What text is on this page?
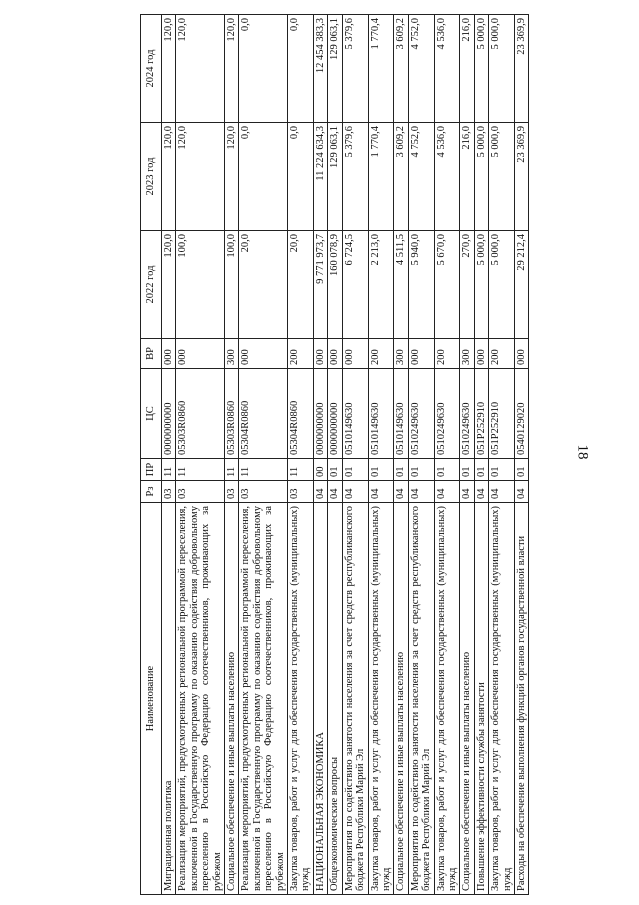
18
Наименование	Рз	ПР	ЦС	ВР	2022 год	2023 год	2024 год
Миграционная политика	03	11	0000000000	000	120,0	120,0	120,0
Реализация мероприятий, предусмотренных региональной программой переселения, включенной в Государственную программу по оказанию содействия добровольному переселению в Российскую Федерацию соотечественников, проживающих за рубежом	03	11	05303R0860	000	100,0	120,0	120,0
Социальное обеспечение и иные выплаты населению	03	11	05303R0860	300	100,0	120,0	120,0
Реализация мероприятий, предусмотренных региональной программой переселения, включенной в Государственную программу по оказанию содействия добровольному переселению в Российскую Федерацию соотечественников, проживающих за рубежом	03	11	05304R0860	000	20,0	0,0	0,0
Закупка товаров, работ и услуг для обеспечения государственных (муниципальных) нужд	03	11	05304R0860	200	20,0	0,0	0,0
НАЦИОНАЛЬНАЯ ЭКОНОМИКА	04	00	0000000000	000	9 771 973,7	11 224 634,3	12 454 383,3
Общеэкономические вопросы	04	01	0000000000	000	160 078,9	129 063,1	129 063,1
Мероприятия по содействию занятости населения за счет средств республиканского бюджета Республики Марий Эл	04	01	0510149630	000	6 724,5	5 379,6	5 379,6
Закупка товаров, работ и услуг для обеспечения государственных (муниципальных) нужд	04	01	0510149630	200	2 213,0	1 770,4	1 770,4
Социальное обеспечение и иные выплаты населению	04	01	0510149630	300	4 511,5	3 609,2	3 609,2
Мероприятия по содействию занятости населения за счет средств республиканского бюджета Республики Марий Эл	04	01	0510249630	000	5 940,0	4 752,0	4 752,0
Закупка товаров, работ и услуг для обеспечения государственных (муниципальных) нужд	04	01	0510249630	200	5 670,0	4 536,0	4 536,0
Социальное обеспечение и иные выплаты населению	04	01	0510249630	300	270,0	216,0	216,0
Повышение эффективности службы занятости	04	01	051P252910	000	5 000,0	5 000,0	5 000,0
Закупка товаров, работ и услуг для обеспечения государственных (муниципальных) нужд	04	01	051P252910	200	5 000,0	5 000,0	5 000,0
Расходы на обеспечение выполнения функций органов государственной власти	04	01	0540129020	000	29 212,4	23 369,9	23 369,9
